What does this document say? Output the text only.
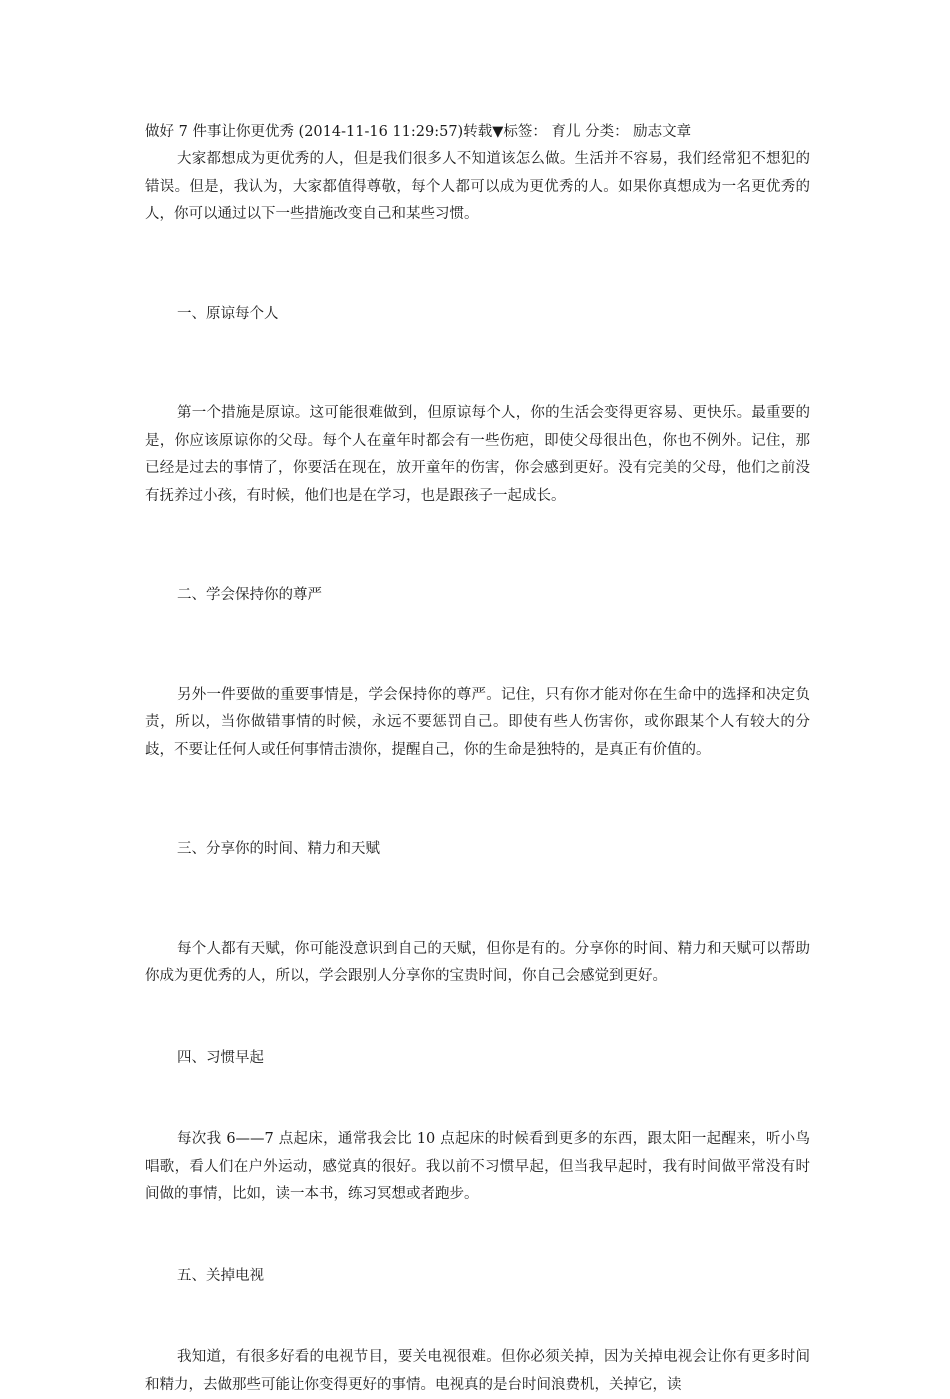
做好 7 件事让你更优秀 (2014-11-16 11:29:57)转载▼标签： 育儿 分类： 励志文章

大家都想成为更优秀的人，但是我们很多人不知道该怎么做。生活并不容易，我们经常犯不想犯的错误。但是，我认为，大家都值得尊敬，每个人都可以成为更优秀的人。如果你真想成为一名更优秀的人，你可以通过以下一些措施改变自己和某些习惯。

一、原谅每个人

第一个措施是原谅。这可能很难做到，但原谅每个人，你的生活会变得更容易、更快乐。最重要的是，你应该原谅你的父母。每个人在童年时都会有一些伤疤，即使父母很出色，你也不例外。记住，那已经是过去的事情了，你要活在现在，放开童年的伤害，你会感到更好。没有完美的父母，他们之前没有抚养过小孩，有时候，他们也是在学习，也是跟孩子一起成长。

二、学会保持你的尊严

另外一件要做的重要事情是，学会保持你的尊严。记住，只有你才能对你在生命中的选择和决定负责，所以，当你做错事情的时候，永远不要惩罚自己。即使有些人伤害你，或你跟某个人有较大的分歧，不要让任何人或任何事情击溃你，提醒自己，你的生命是独特的，是真正有价值的。

三、分享你的时间、精力和天赋

每个人都有天赋，你可能没意识到自己的天赋，但你是有的。分享你的时间、精力和天赋可以帮助你成为更优秀的人，所以，学会跟别人分享你的宝贵时间，你自己会感觉到更好。

四、习惯早起

每次我 6——7 点起床，通常我会比 10 点起床的时候看到更多的东西，跟太阳一起醒来，听小鸟唱歌，看人们在户外运动，感觉真的很好。我以前不习惯早起，但当我早起时，我有时间做平常没有时间做的事情，比如，读一本书，练习冥想或者跑步。

五、关掉电视

我知道，有很多好看的电视节目，要关电视很难。但你必须关掉，因为关掉电视会让你有更多时间和精力，去做那些可能让你变得更好的事情。电视真的是台时间浪费机，关掉它，读
